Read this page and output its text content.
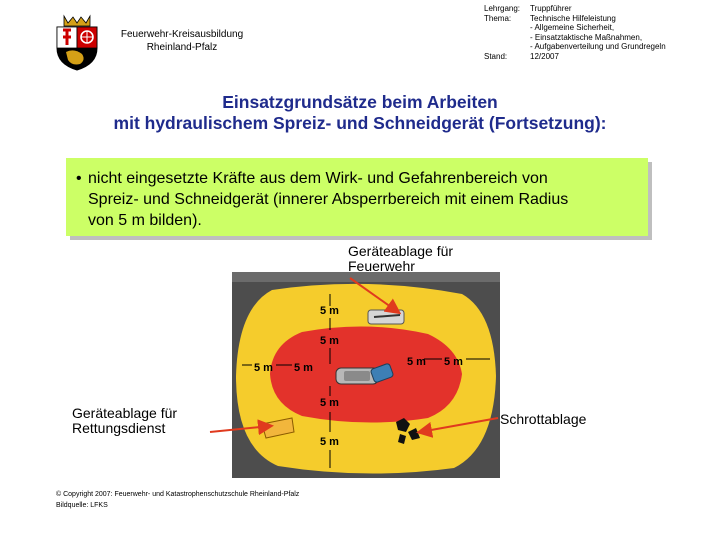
Feuerwehr-Kreisausbildung
Rheinland-Pfalz
Lehrgang:	Truppführer
Thema:	Technische Hilfeleistung
- Allgemeine Sicherheit,
- Einsatztaktische Maßnahmen,
- Aufgabenverteilung und Grundregeln
Stand:	12/2007
Einsatzgrundsätze beim Arbeiten
mit hydraulischem Spreiz- und Schneidgerät (Fortsetzung):
• nicht eingesetzte Kräfte aus dem Wirk- und Gefahrenbereich von
Spreiz- und Schneidgerät (innerer Absperrbereich mit einem Radius
von 5 m bilden).
5 m
5 m
5 m 5 m	5 m 5 m
5 m
5 m
Geräteablage für
Feuerwehr
Geräteablage für
Rettungsdienst
Schrottablage
© Copyright 2007: Feuerwehr- und Katastrophenschutzschule Rheinland-Pfalz
Bildquelle: LFKS
